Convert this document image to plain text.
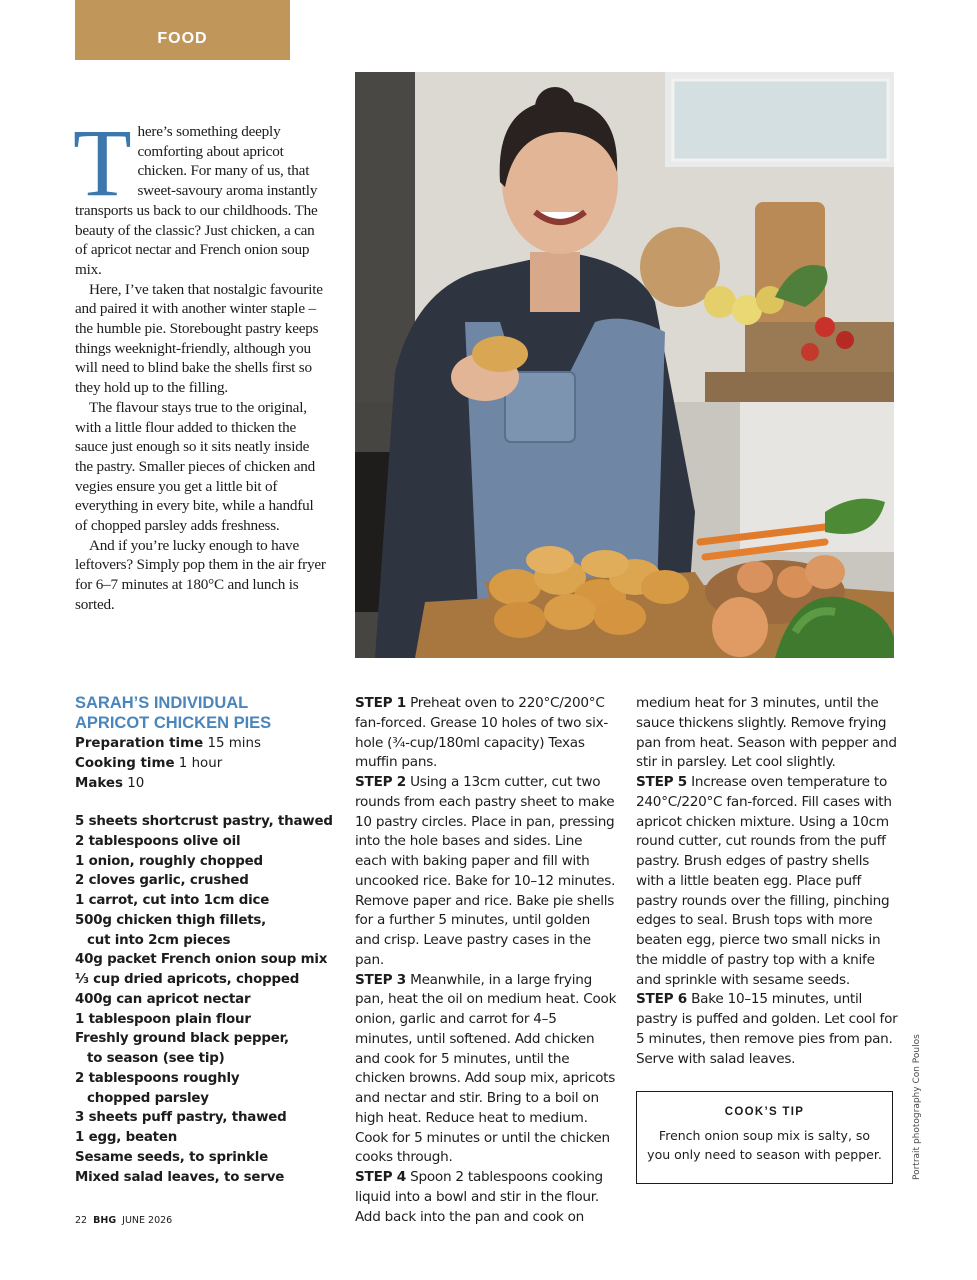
FOOD

There’s something deeply comforting about apricot chicken. For many of us, that sweet-savoury aroma instantly transports us back to our childhoods. The beauty of the classic? Just chicken, a can of apricot nectar and French onion soup mix.

Here, I’ve taken that nostalgic favourite and paired it with another winter staple – the humble pie. Storebought pastry keeps things weeknight-friendly, although you will need to blind bake the shells first so they hold up to the filling.

The flavour stays true to the original, with a little flour added to thicken the sauce just enough so it sits neatly inside the pastry. Smaller pieces of chicken and vegies ensure you get a little bit of everything in every bite, while a handful of chopped parsley adds freshness.

And if you’re lucky enough to have leftovers? Simply pop them in the air fryer for 6–7 minutes at 180°C and lunch is sorted.

SARAH’S INDIVIDUAL
APRICOT CHICKEN PIES
Preparation time 15 mins
Cooking time 1 hour
Makes 10
5 sheets shortcrust pastry, thawed
2 tablespoons olive oil
1 onion, roughly chopped
2 cloves garlic, crushed
1 carrot, cut into 1cm dice
500g chicken thigh fillets,
cut into 2cm pieces
40g packet French onion soup mix
⅓ cup dried apricots, chopped
400g can apricot nectar
1 tablespoon plain flour
Freshly ground black pepper,
to season (see tip)
2 tablespoons roughly
chopped parsley
3 sheets puff pastry, thawed
1 egg, beaten
Sesame seeds, to sprinkle
Mixed salad leaves, to serve
STEP 1 Preheat oven to 220°C/200°C fan-forced. Grease 10 holes of two six-hole (¾-cup/180ml capacity) Texas muffin pans.
STEP 2 Using a 13cm cutter, cut two rounds from each pastry sheet to make 10 pastry circles. Place in pan, pressing into the hole bases and sides. Line each with baking paper and fill with uncooked rice. Bake for 10–12 minutes. Remove paper and rice. Bake pie shells for a further 5 minutes, until golden and crisp. Leave pastry cases in the pan.
STEP 3 Meanwhile, in a large frying pan, heat the oil on medium heat. Cook onion, garlic and carrot for 4–5 minutes, until softened. Add chicken and cook for 5 minutes, until the chicken browns. Add soup mix, apricots and nectar and stir. Bring to a boil on high heat. Reduce heat to medium. Cook for 5 minutes or until the chicken cooks through.
STEP 4 Spoon 2 tablespoons cooking liquid into a bowl and stir in the flour. Add back into the pan and cook on
medium heat for 3 minutes, until the sauce thickens slightly. Remove frying pan from heat. Season with pepper and stir in parsley. Let cool slightly.
STEP 5 Increase oven temperature to 240°C/220°C fan-forced. Fill cases with apricot chicken mixture. Using a 10cm round cutter, cut rounds from the puff pastry. Brush edges of pastry shells with a little beaten egg. Place puff pastry rounds over the filling, pinching edges to seal. Brush tops with more beaten egg, pierce two small nicks in the middle of pastry top with a knife and sprinkle with sesame seeds.
STEP 6 Bake 10–15 minutes, until pastry is puffed and golden. Let cool for 5 minutes, then remove pies from pan. Serve with salad leaves.
COOK’S TIP
French onion soup mix is salty, so you only need to season with pepper.	Portrait photography Con Poulos
22 BHG JUNE 2026
